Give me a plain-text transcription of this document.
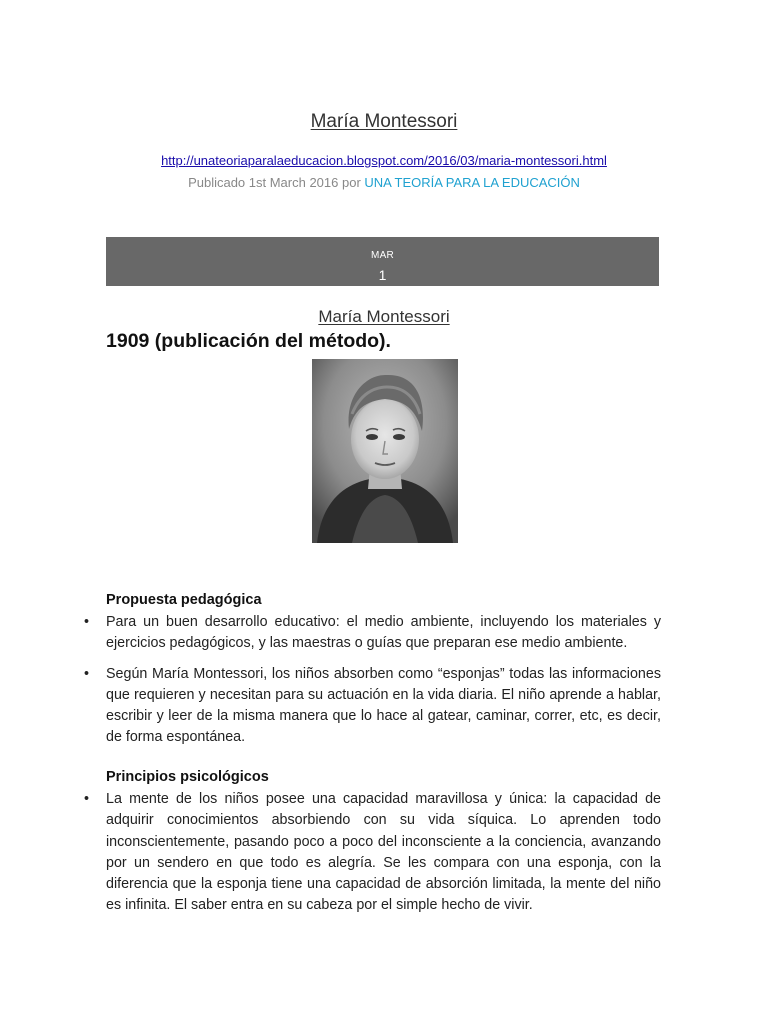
María Montessori
http://unateoriaparalaeducacion.blogspot.com/2016/03/maria-montessori.html
Publicado 1st March 2016 por UNA TEORÍA PARA LA EDUCACIÓN
MAR
1
María Montessori
1909 (publicación del método).
Propuesta pedagógica
• Para un buen desarrollo educativo: el medio ambiente, incluyendo los materiales y ejercicios pedagógicos, y las maestras o guías que preparan ese medio ambiente.
• Según María Montessori, los niños absorben como “esponjas” todas las informaciones que requieren y necesitan para su actuación en la vida diaria. El niño aprende a hablar, escribir y leer de la misma manera que lo hace al gatear, caminar, correr, etc, es decir, de forma espontánea.
Principios psicológicos
• La mente de los niños posee una capacidad maravillosa y única: la capacidad de adquirir conocimientos absorbiendo con su vida síquica. Lo aprenden todo inconscientemente, pasando poco a poco del inconsciente a la conciencia, avanzando por un sendero en que todo es alegría. Se les compara con una esponja, con la diferencia que la esponja tiene una capacidad de absorción limitada, la mente del niño es infinita. El saber entra en su cabeza por el simple hecho de vivir.
